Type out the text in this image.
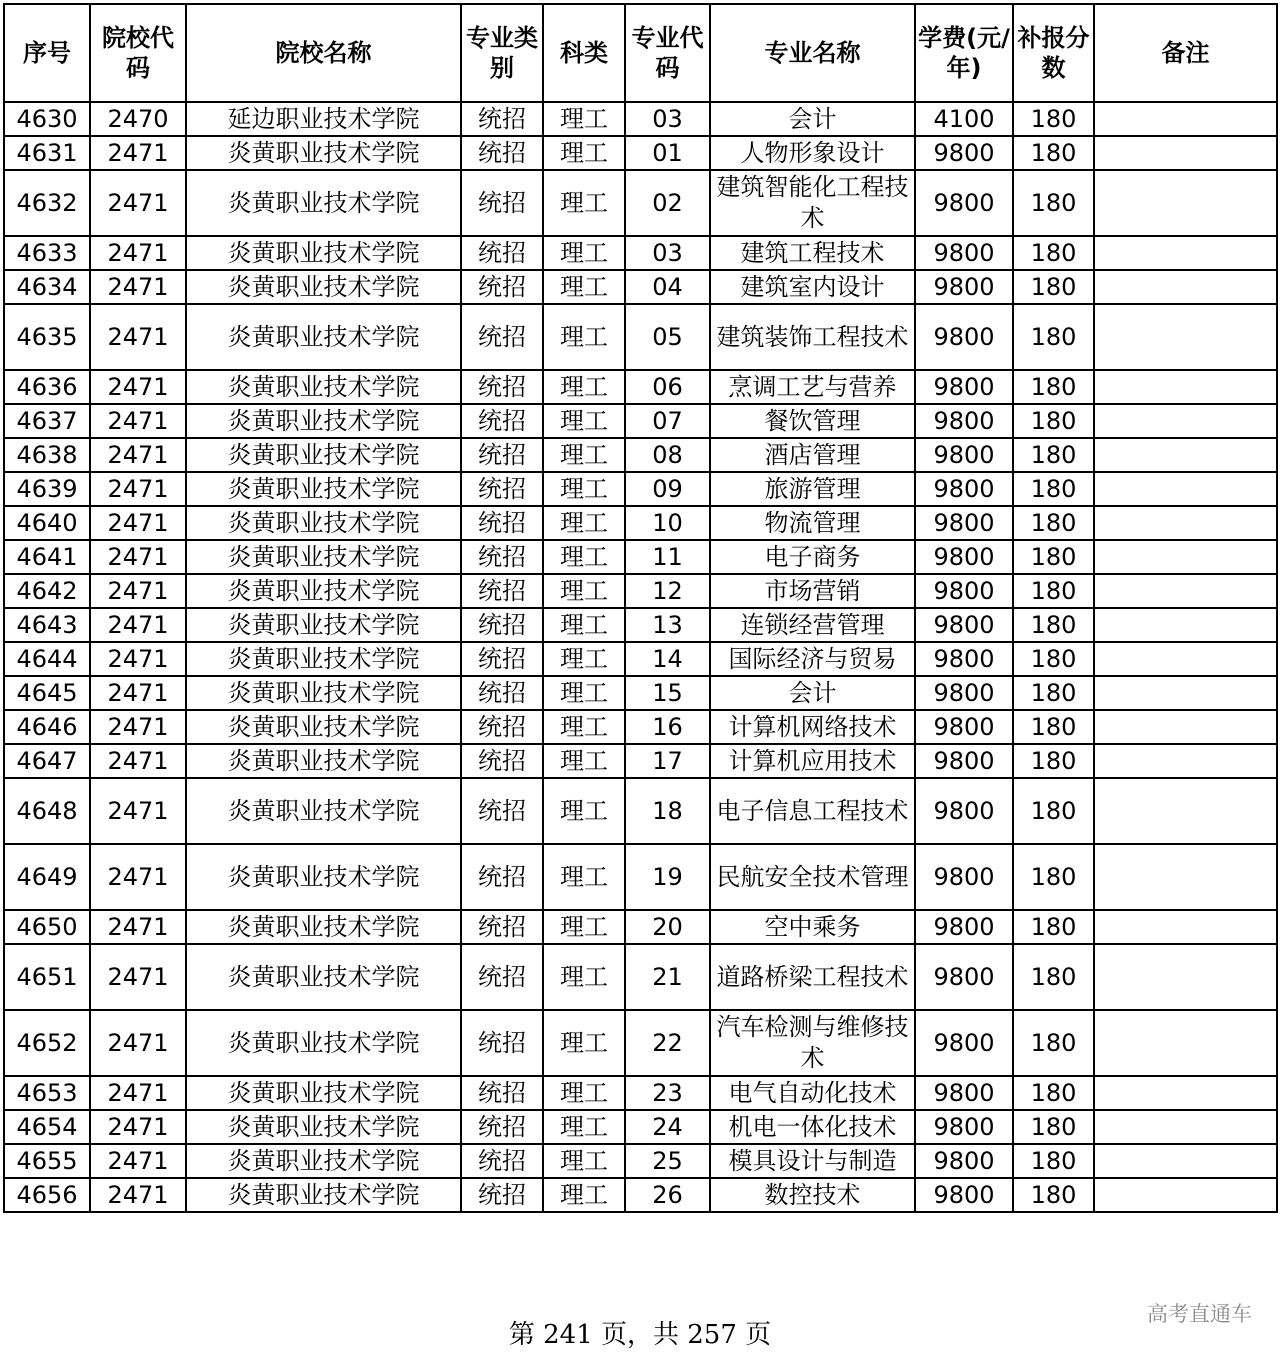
序号	院校代码	院校名称	专业类别	科类	专业代码	专业名称	学费(元/年)	补报分数	备注
4630	2470	延边职业技术学院	统招	理工	03	会计	4100	180	
4631	2471	炎黄职业技术学院	统招	理工	01	人物形象设计	9800	180	
4632	2471	炎黄职业技术学院	统招	理工	02	建筑智能化工程技术	9800	180	
4633	2471	炎黄职业技术学院	统招	理工	03	建筑工程技术	9800	180	
4634	2471	炎黄职业技术学院	统招	理工	04	建筑室内设计	9800	180	
4635	2471	炎黄职业技术学院	统招	理工	05	建筑装饰工程技术	9800	180	
4636	2471	炎黄职业技术学院	统招	理工	06	烹调工艺与营养	9800	180	
4637	2471	炎黄职业技术学院	统招	理工	07	餐饮管理	9800	180	
4638	2471	炎黄职业技术学院	统招	理工	08	酒店管理	9800	180	
4639	2471	炎黄职业技术学院	统招	理工	09	旅游管理	9800	180	
4640	2471	炎黄职业技术学院	统招	理工	10	物流管理	9800	180	
4641	2471	炎黄职业技术学院	统招	理工	11	电子商务	9800	180	
4642	2471	炎黄职业技术学院	统招	理工	12	市场营销	9800	180	
4643	2471	炎黄职业技术学院	统招	理工	13	连锁经营管理	9800	180	
4644	2471	炎黄职业技术学院	统招	理工	14	国际经济与贸易	9800	180	
4645	2471	炎黄职业技术学院	统招	理工	15	会计	9800	180	
4646	2471	炎黄职业技术学院	统招	理工	16	计算机网络技术	9800	180	
4647	2471	炎黄职业技术学院	统招	理工	17	计算机应用技术	9800	180	
4648	2471	炎黄职业技术学院	统招	理工	18	电子信息工程技术	9800	180	
4649	2471	炎黄职业技术学院	统招	理工	19	民航安全技术管理	9800	180	
4650	2471	炎黄职业技术学院	统招	理工	20	空中乘务	9800	180	
4651	2471	炎黄职业技术学院	统招	理工	21	道路桥梁工程技术	9800	180	
4652	2471	炎黄职业技术学院	统招	理工	22	汽车检测与维修技术	9800	180	
4653	2471	炎黄职业技术学院	统招	理工	23	电气自动化技术	9800	180	
4654	2471	炎黄职业技术学院	统招	理工	24	机电一体化技术	9800	180	
4655	2471	炎黄职业技术学院	统招	理工	25	模具设计与制造	9800	180	
4656	2471	炎黄职业技术学院	统招	理工	26	数控技术	9800	180	
第 241 页，共 257 页
高考直通车
